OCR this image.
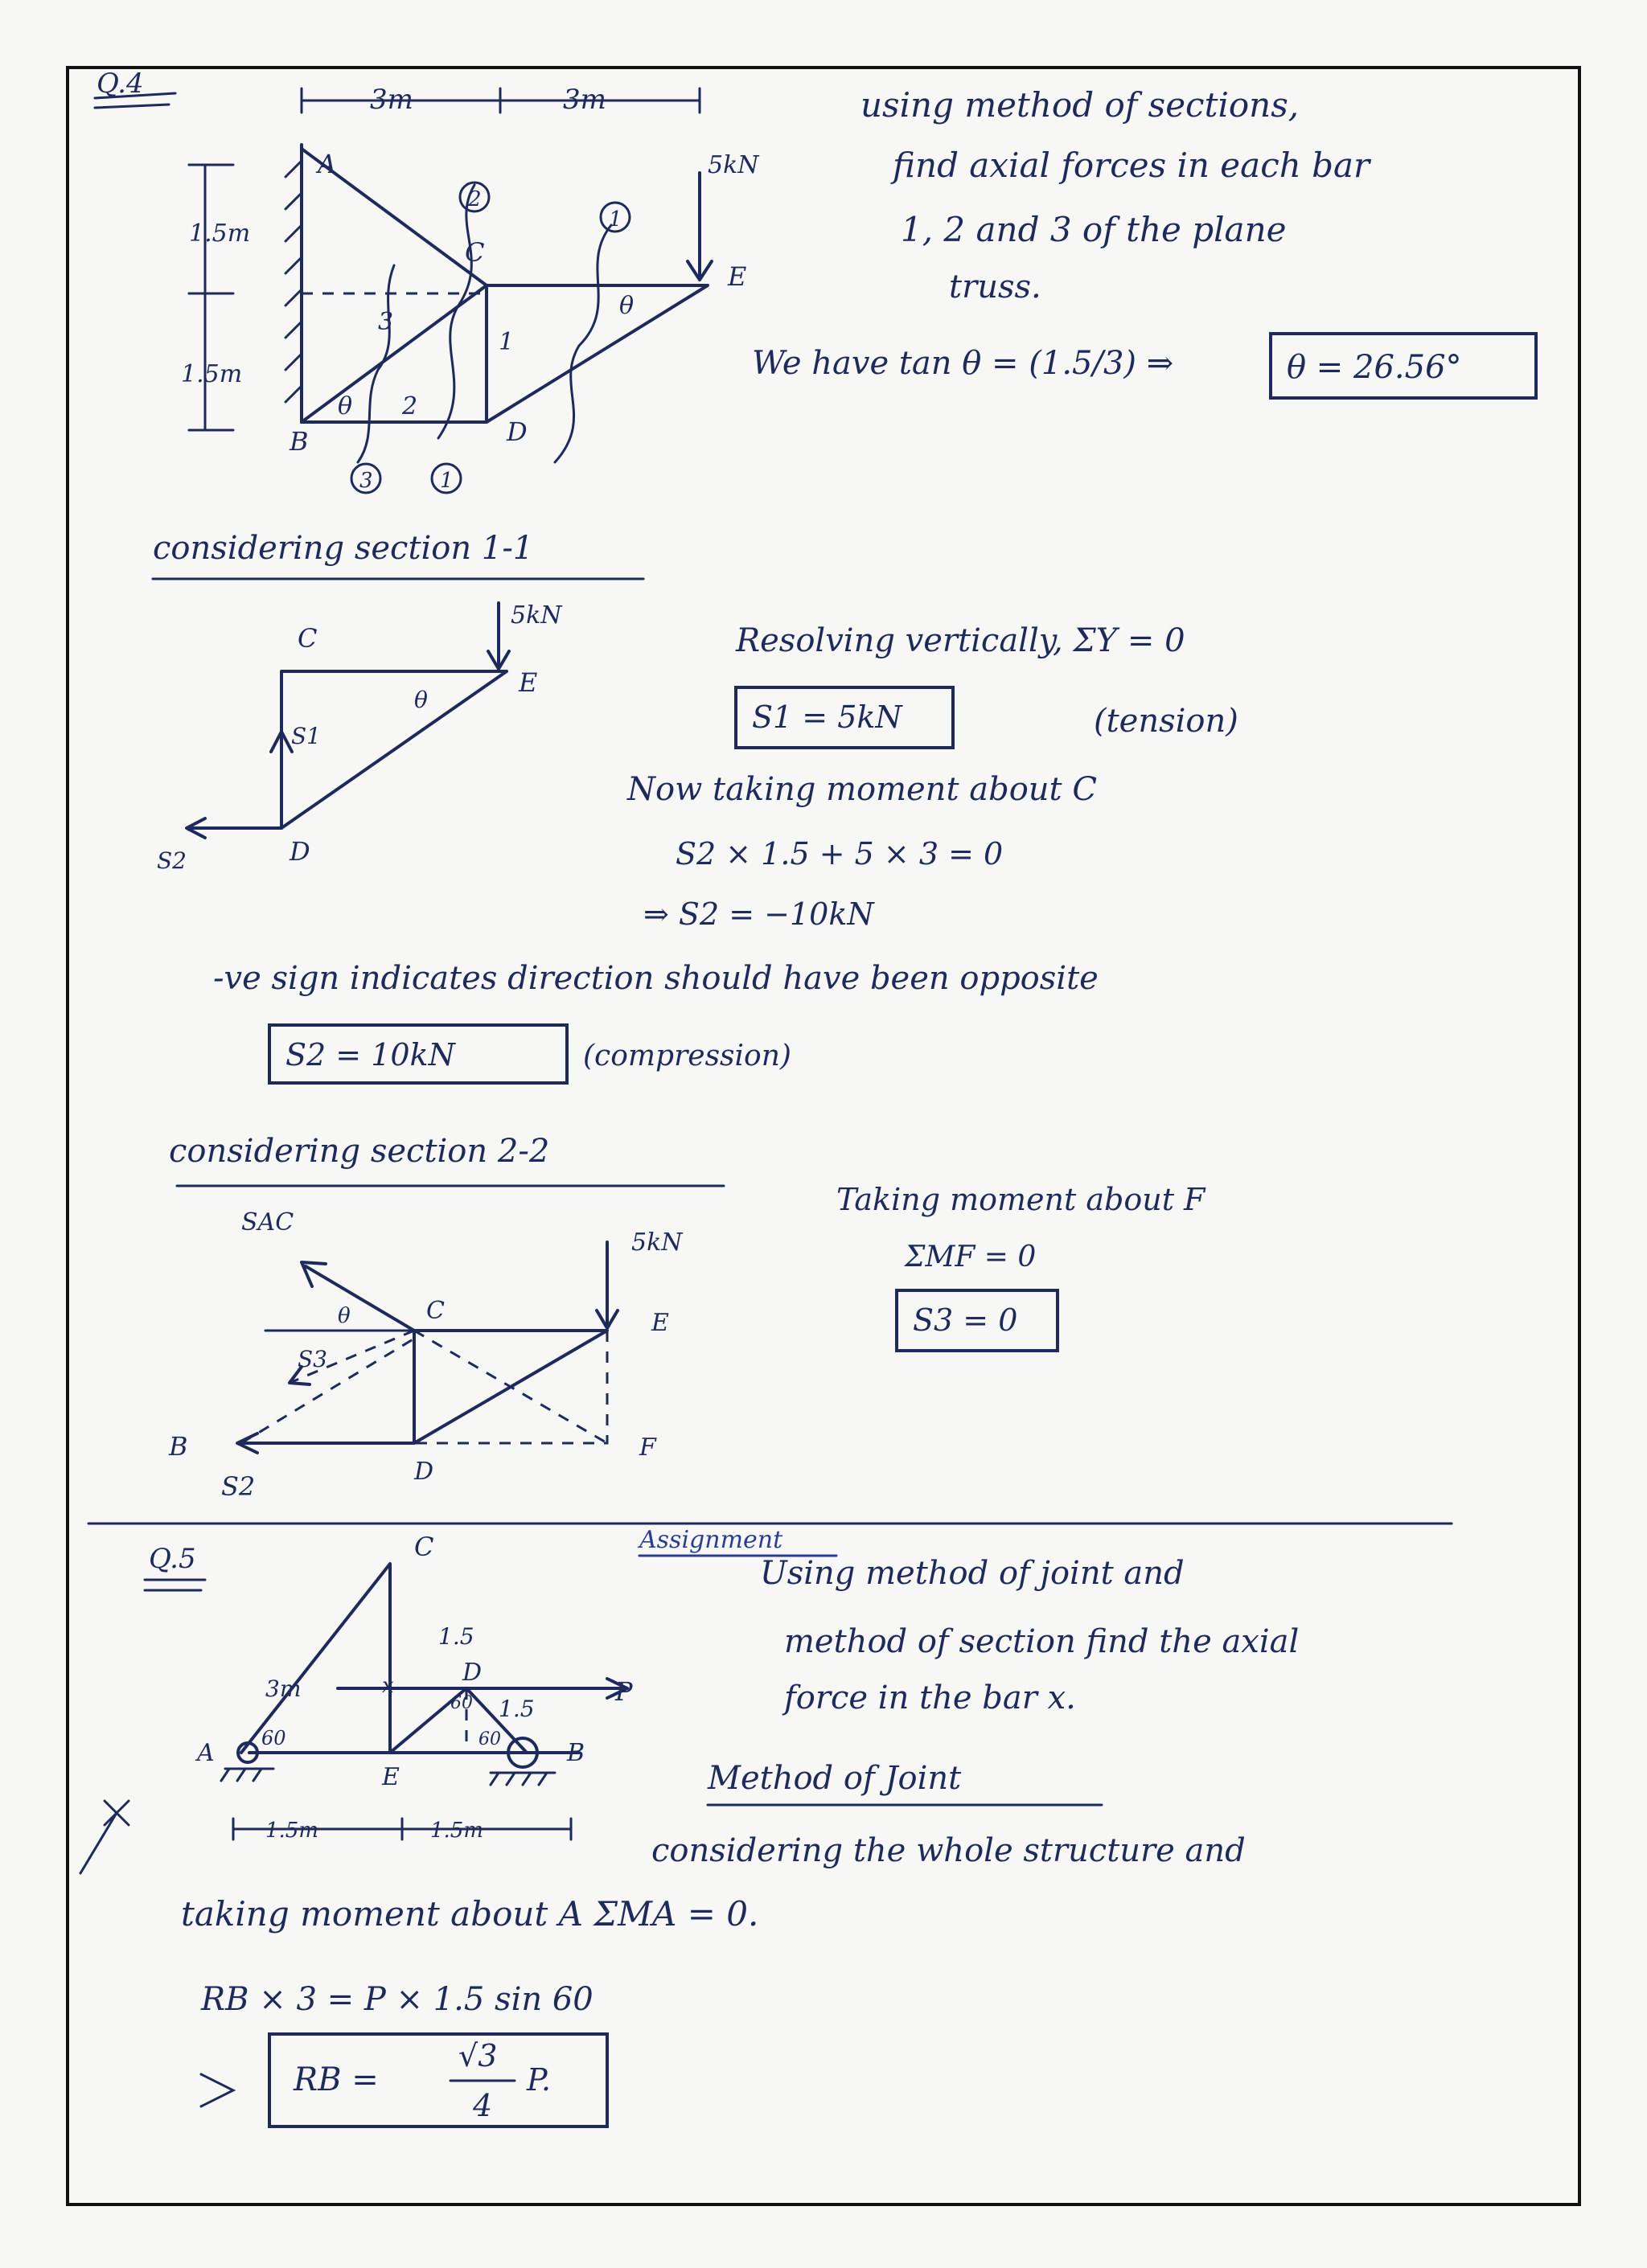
Q.4	3m	3m
1.5m
1.5m
5kN
A
B
C
D
E
1
2
3
θ
θ
2
1
3	1
using method of sections,
find axial forces in each bar
1, 2 and 3 of the plane
truss.
We have tan θ = (1.5/3) ⇒	θ = 26.56°
considering section 1-1
5kN
C
E
D
S1
S2
θ
Resolving vertically, ΣY = 0
S1 = 5kN	(tension)
Now taking moment about C
S2 × 1.5 + 5 × 3 = 0
⇒ S2 = −10kN
-ve sign indicates direction should have been opposite
S2 = 10kN	(compression)
considering section 2-2
SAC
5kN
C	E
B
D
F
S3
S2
θ
Taking moment about F
ΣMF = 0
S3 = 0
Q.5	C
D
A
E
B
P
3m
1.5
1.5
60
60
60
x
1.5m	1.5m
Assignment
Using method of joint and
method of section find the axial
force in the bar x.
Method of Joint
considering the whole structure and
taking moment about A ΣMA = 0.
RB × 3 = P × 1.5 sin 60
RB =
√3
4
P.
